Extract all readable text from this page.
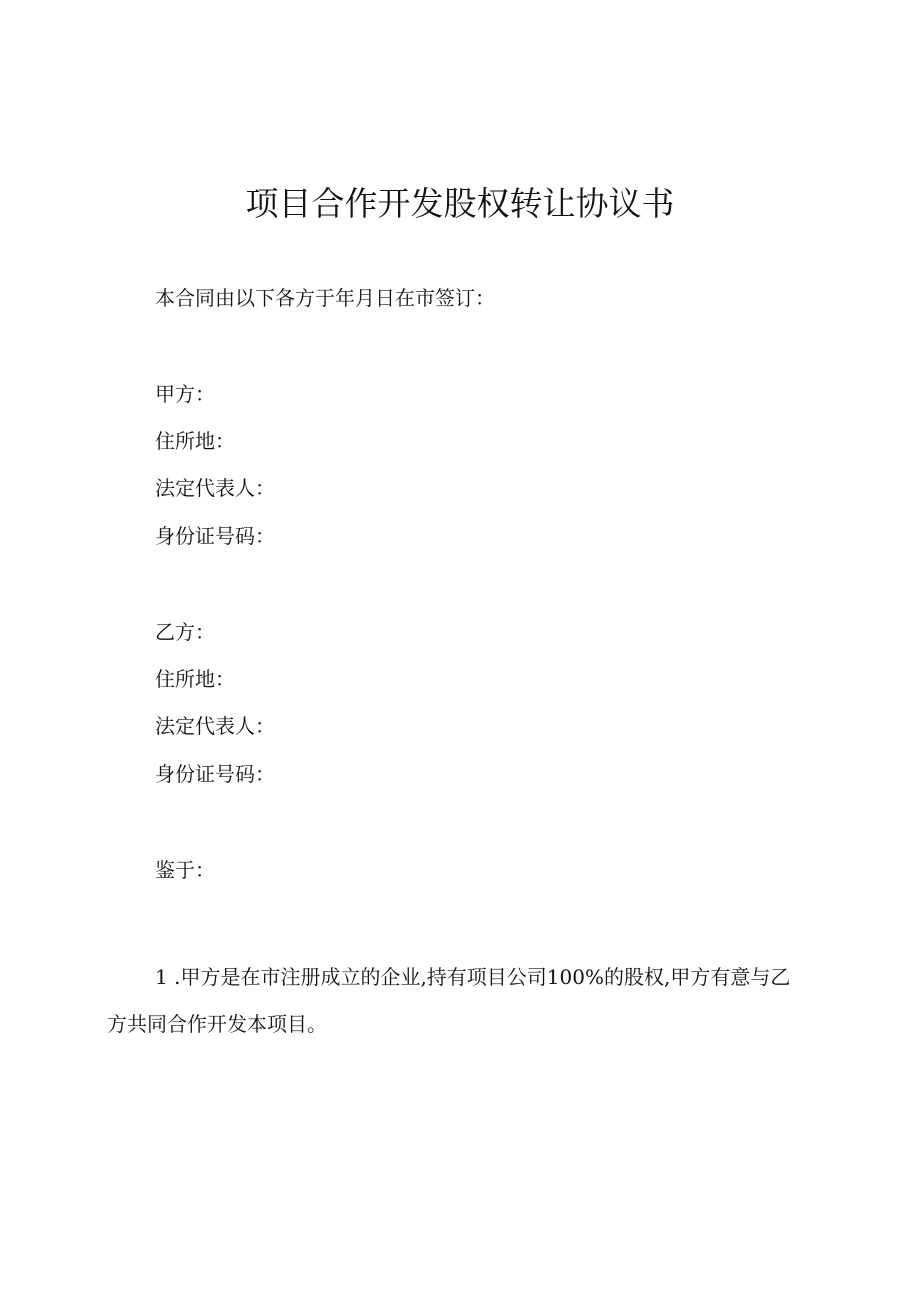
项目合作开发股权转让协议书
本合同由以下各方于年月日在市签订：
甲方：
住所地：
法定代表人：
身份证号码：
乙方：
住所地：
法定代表人：
身份证号码：
鉴于：
1 .甲方是在市注册成立的企业,持有项目公司100%的股权,甲方有意与乙方共同合作开发本项目。
